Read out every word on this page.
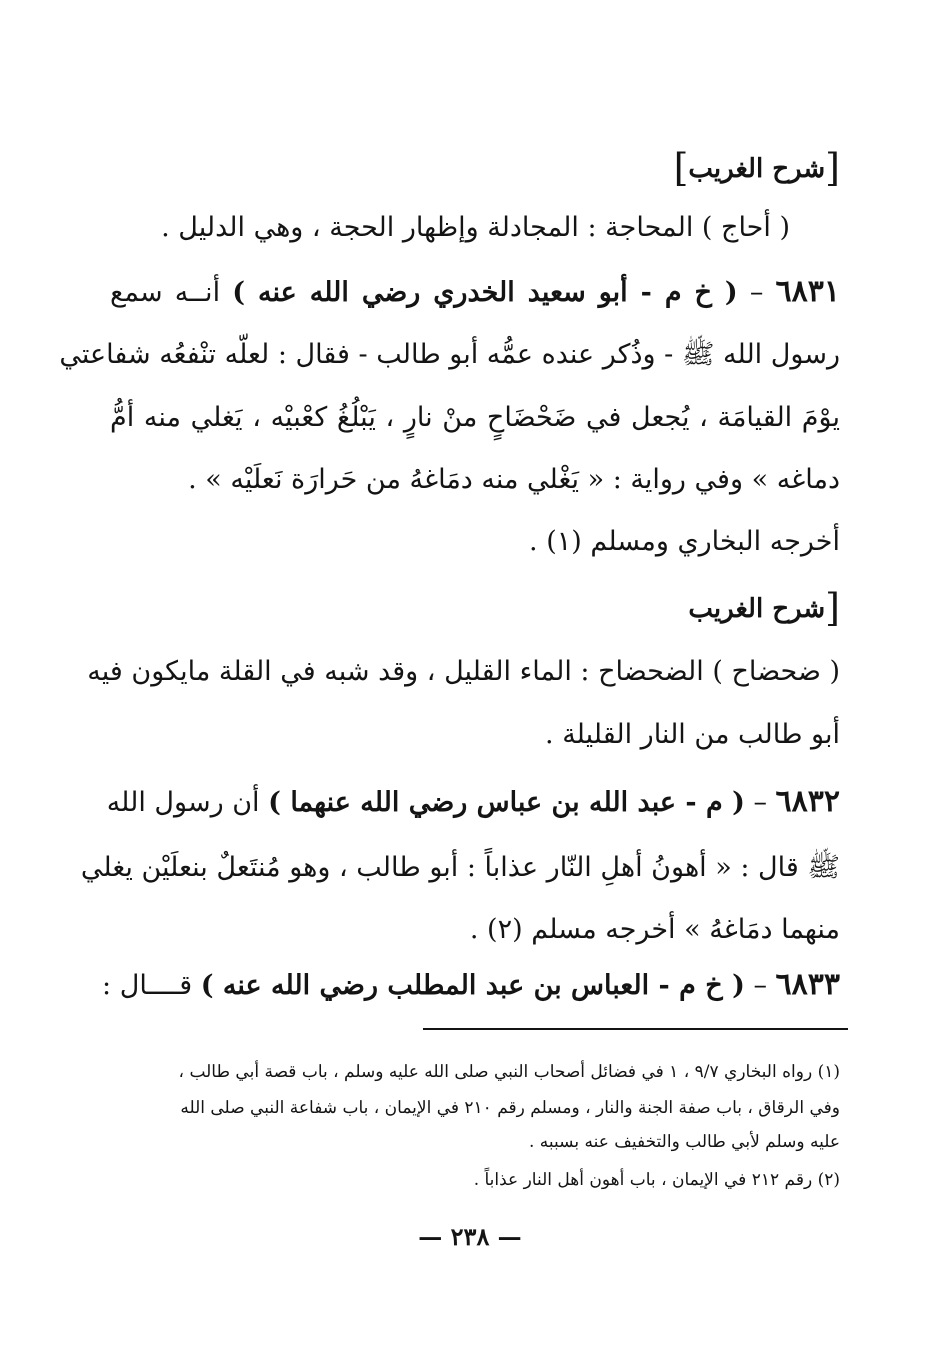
[شرح الغريب]
( أحاج ) المحاجة : المجادلة وإظهار الحجة ، وهي الدليل .
٦٨٣١ – ( خ م - أبو سعيد الخدري رضي الله عنه ) أنــه سمع
رسول الله ﷺ - وذُكر عنده عمُّه أبو طالب - فقال : لعلّه تنْفعُه شفاعتي
يوْمَ القيامَة ، يُجعل في ضَحْضَاحٍ منْ نارٍ ، يَبْلُغُ كعْبيْه ، يَغلي منه أمُّ
دماغه » وفي رواية : « يَغْلي منه دمَاغهُ من حَرارَة نَعلَيْه » .
أخرجه البخاري ومسلم (١) .
[شرح الغريب
( ضحضاح ) الضحضاح : الماء القليل ، وقد شبه في القلة مايكون فيه
أبو طالب من النار القليلة .
٦٨٣٢ – ( م - عبد الله بن عباس رضي الله عنهما ) أن رسول الله
ﷺ قال : « أهونُ أهلِ النّار عذاباً : أبو طالب ، وهو مُنتَعلٌ بنعلَيْن يغلي
منهما دمَاغهُ » أخرجه مسلم (٢) .
٦٨٣٣ – ( خ م - العباس بن عبد المطلب رضي الله عنه ) قــــال :
(١) رواه البخاري ٩/٧ ، ١ في فضائل أصحاب النبي صلى الله عليه وسلم ، باب قصة أبي طالب ،
وفي الرقاق ، باب صفة الجنة والنار ، ومسلم رقم ٢١٠ في الإيمان ، باب شفاعة النبي صلى الله
عليه وسلم لأبي طالب والتخفيف عنه بسببه .
(٢) رقم ٢١٢ في الإيمان ، باب أهون أهل النار عذاباً .
— ٢٣٨ —
